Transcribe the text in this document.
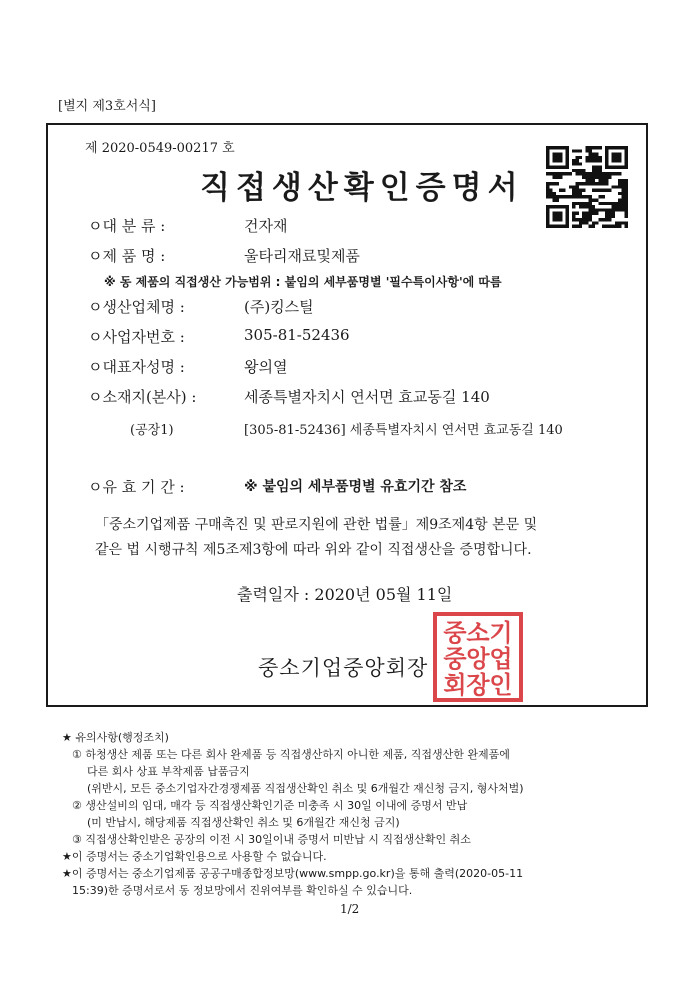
[별지 제3호서식]
제 2020-0549-00217 호
직접생산확인증명서
ㅇ대 분 류 :	건자재
ㅇ제 품 명 :	울타리재료및제품
※ 동 제품의 직접생산 가능범위 : 붙임의 세부품명별 '필수특이사항'에 따름
ㅇ생산업체명 :	(주)킹스틸
ㅇ사업자번호 :	305-81-52436
ㅇ대표자성명 :	왕의열
ㅇ소재지(본사) :	세종특별자치시 연서면 효교동길 140
(공장1)	[305-81-52436] 세종특별자치시 연서면 효교동길 140
ㅇ유 효 기 간 :	※ 붙임의 세부품명별 유효기간 참조
「중소기업제품 구매촉진 및 판로지원에 관한 법률」제9조제4항 본문 및
같은 법 시행규칙 제5조제3항에 따라 위와 같이 직접생산을 증명합니다.
출력일자 : 2020년 05월 11일
중소기업중앙회장
중 소 기
중 앙 업
회 장 인
★ 유의사항(행정조치)
① 하청생산 제품 또는 다른 회사 완제품 등 직접생산하지 아니한 제품, 직접생산한 완제품에
다른 회사 상표 부착제품 납품금지
(위반시, 모든 중소기업자간경쟁제품 직접생산확인 취소 및 6개월간 재신청 금지, 형사처벌)
② 생산설비의 임대, 매각 등 직접생산확인기준 미충족 시 30일 이내에 증명서 반납
(미 반납시, 해당제품 직접생산확인 취소 및 6개월간 재신청 금지)
③ 직접생산확인받은 공장의 이전 시 30일이내 증명서 미반납 시 직접생산확인 취소
★이 증명서는 중소기업확인용으로 사용할 수 없습니다.
★이 증명서는 중소기업제품 공공구매종합정보망(www.smpp.go.kr)을 통해 출력(2020-05-11
15:39)한 증명서로서 동 정보망에서 진위여부를 확인하실 수 있습니다.
1/2
